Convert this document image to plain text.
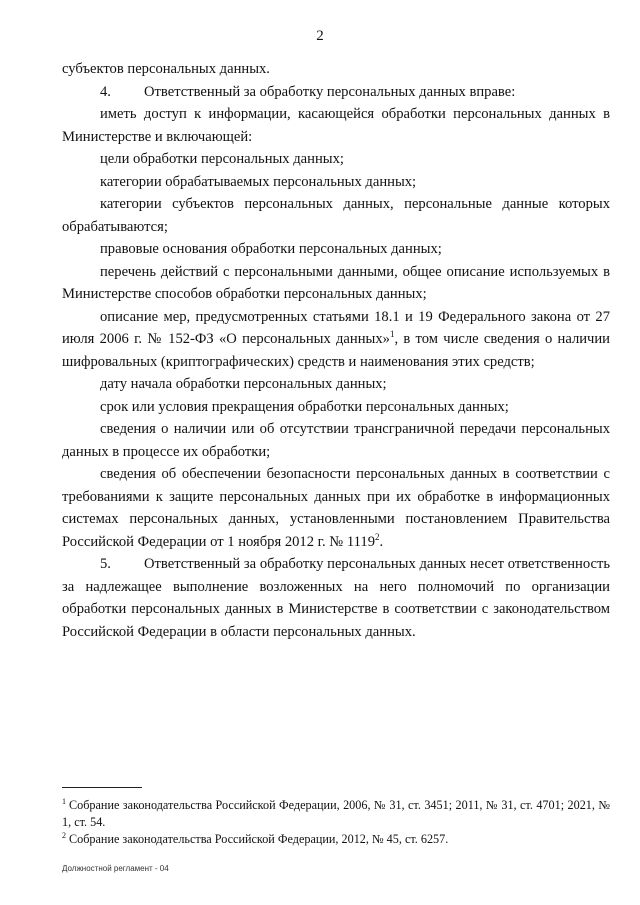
2

субъектов персональных данных.

4. Ответственный за обработку персональных данных вправе:

иметь доступ к информации, касающейся обработки персональных данных в Министерстве и включающей:

цели обработки персональных данных;

категории обрабатываемых персональных данных;

категории субъектов персональных данных, персональные данные которых обрабатываются;

правовые основания обработки персональных данных;

перечень действий с персональными данными, общее описание используемых в Министерстве способов обработки персональных данных;

описание мер, предусмотренных статьями 18.1 и 19 Федерального закона от 27 июля 2006 г. № 152-ФЗ «О персональных данных»$^1$, в том числе сведения о наличии шифровальных (криптографических) средств и наименования этих средств;

дату начала обработки персональных данных;

срок или условия прекращения обработки персональных данных;

сведения о наличии или об отсутствии трансграничной передачи персональных данных в процессе их обработки;

сведения об обеспечении безопасности персональных данных в соответствии с требованиями к защите персональных данных при их обработке в информационных системах персональных данных, установленными постановлением Правительства Российской Федерации от 1 ноября 2012 г. № 1119$^2$.

5. Ответственный за обработку персональных данных несет ответственность за надлежащее выполнение возложенных на него полномочий по организации обработки персональных данных в Министерстве в соответствии с законодательством Российской Федерации в области персональных данных.

$^1$ Собрание законодательства Российской Федерации, 2006, № 31, ст. 3451; 2011, № 31, ст. 4701; 2021, № 1, ст. 54.

$^2$ Собрание законодательства Российской Федерации, 2012, № 45, ст. 6257.

Должностной регламент - 04
